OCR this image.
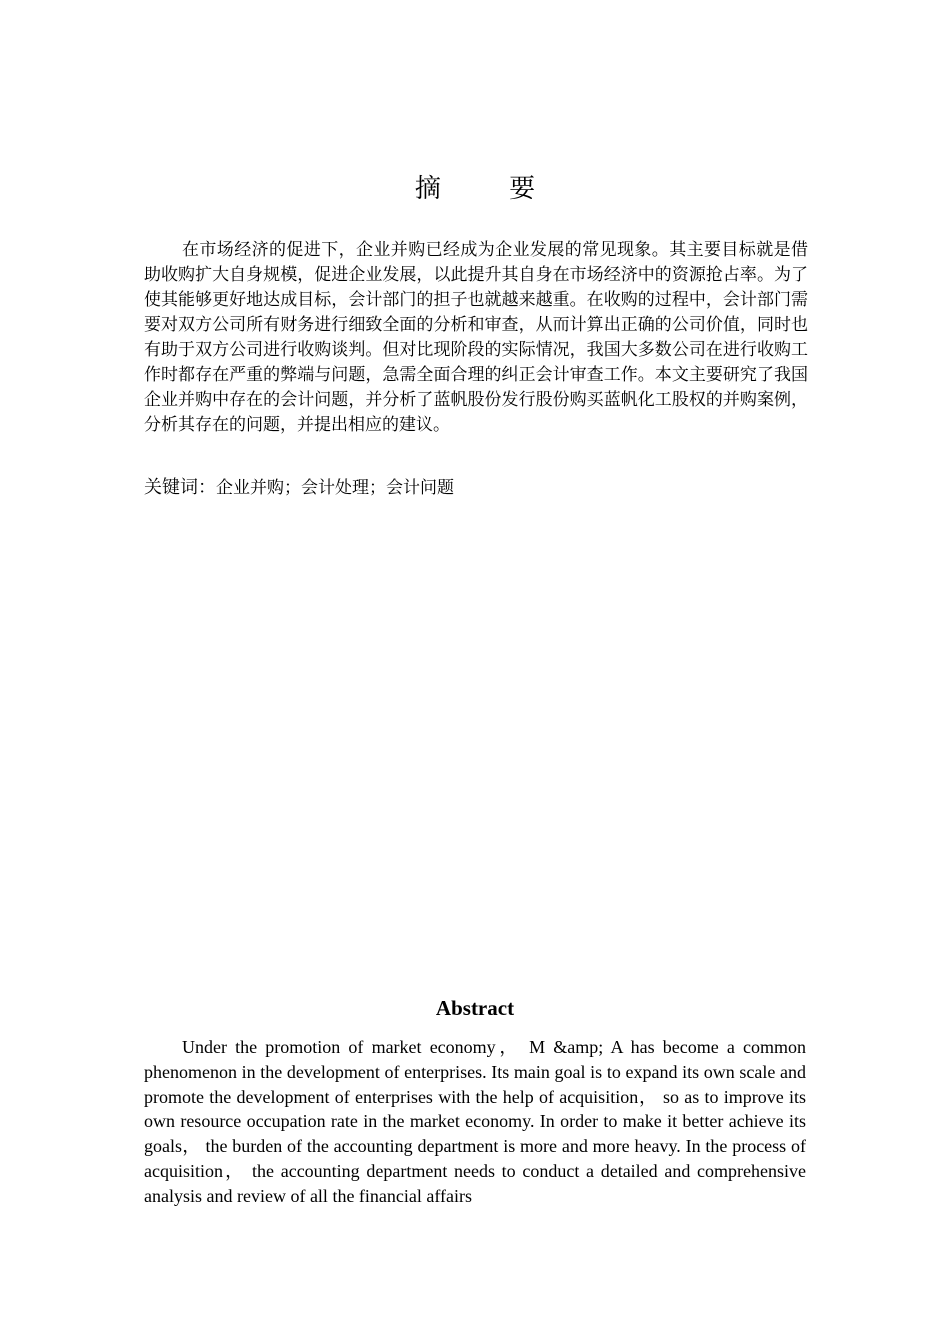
摘 要

在市场经济的促进下，企业并购已经成为企业发展的常见现象。其主要目标就是借助收购扩大自身规模，促进企业发展，以此提升其自身在市场经济中的资源抢占率。为了使其能够更好地达成目标，会计部门的担子也就越来越重。在收购的过程中，会计部门需要对双方公司所有财务进行细致全面的分析和审查，从而计算出正确的公司价值，同时也有助于双方公司进行收购谈判。但对比现阶段的实际情况，我国大多数公司在进行收购工作时都存在严重的弊端与问题，急需全面合理的纠正会计审查工作。本文主要研究了我国企业并购中存在的会计问题，并分析了蓝帆股份发行股份购买蓝帆化工股权的并购案例，分析其存在的问题，并提出相应的建议。

关键词：企业并购；会计处理；会计问题

Abstract

Under the promotion of market economy， M &amp; A has become a common phenomenon in the development of enterprises. Its main goal is to expand its own scale and promote the development of enterprises with the help of acquisition， so as to improve its own resource occupation rate in the market economy. In order to make it better achieve its goals， the burden of the accounting department is more and more heavy. In the process of acquisition， the accounting department needs to conduct a detailed and comprehensive analysis and review of all the financial affairs
